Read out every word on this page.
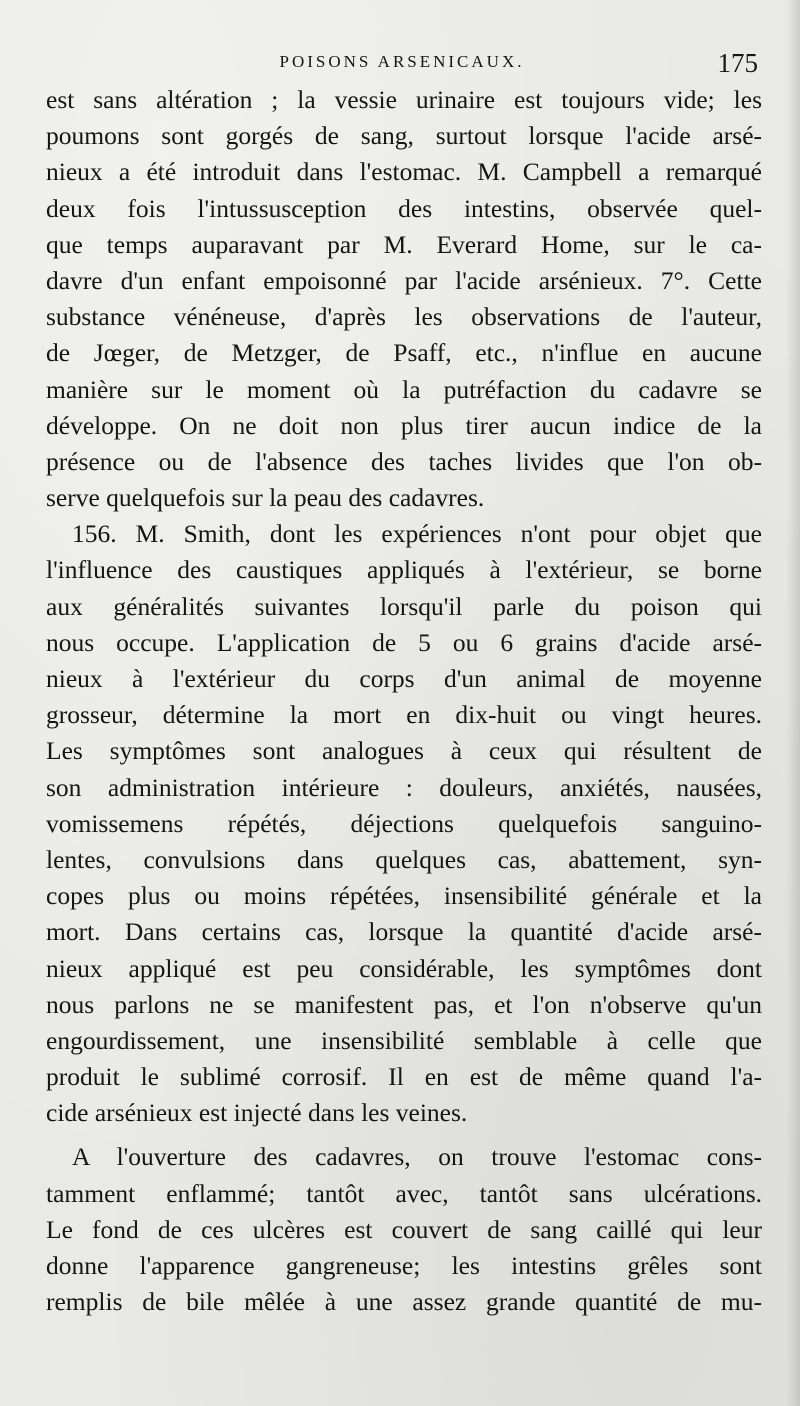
POISONS ARSENICAUX.	175
est sans altération ; la vessie urinaire est toujours vide; les
poumons sont gorgés de sang, surtout lorsque l'acide arsé-
nieux a été introduit dans l'estomac. M. Campbell a remarqué
deux fois l'intussusception des intestins, observée quel-
que temps auparavant par M. Everard Home, sur le ca-
davre d'un enfant empoisonné par l'acide arsénieux. 7°. Cette
substance vénéneuse, d'après les observations de l'auteur,
de Jœger, de Metzger, de Psaff, etc., n'influe en aucune
manière sur le moment où la putréfaction du cadavre se
développe. On ne doit non plus tirer aucun indice de la
présence ou de l'absence des taches livides que l'on ob-
serve quelquefois sur la peau des cadavres.
156. M. Smith, dont les expériences n'ont pour objet que
l'influence des caustiques appliqués à l'extérieur, se borne
aux généralités suivantes lorsqu'il parle du poison qui
nous occupe. L'application de 5 ou 6 grains d'acide arsé-
nieux à l'extérieur du corps d'un animal de moyenne
grosseur, détermine la mort en dix-huit ou vingt heures.
Les symptômes sont analogues à ceux qui résultent de
son administration intérieure : douleurs, anxiétés, nausées,
vomissemens répétés, déjections quelquefois sanguino-
lentes, convulsions dans quelques cas, abattement, syn-
copes plus ou moins répétées, insensibilité générale et la
mort. Dans certains cas, lorsque la quantité d'acide arsé-
nieux appliqué est peu considérable, les symptômes dont
nous parlons ne se manifestent pas, et l'on n'observe qu'un
engourdissement, une insensibilité semblable à celle que
produit le sublimé corrosif. Il en est de même quand l'a-
cide arsénieux est injecté dans les veines.
A l'ouverture des cadavres, on trouve l'estomac cons-
tamment enflammé; tantôt avec, tantôt sans ulcérations.
Le fond de ces ulcères est couvert de sang caillé qui leur
donne l'apparence gangreneuse; les intestins grêles sont
remplis de bile mêlée à une assez grande quantité de mu-
